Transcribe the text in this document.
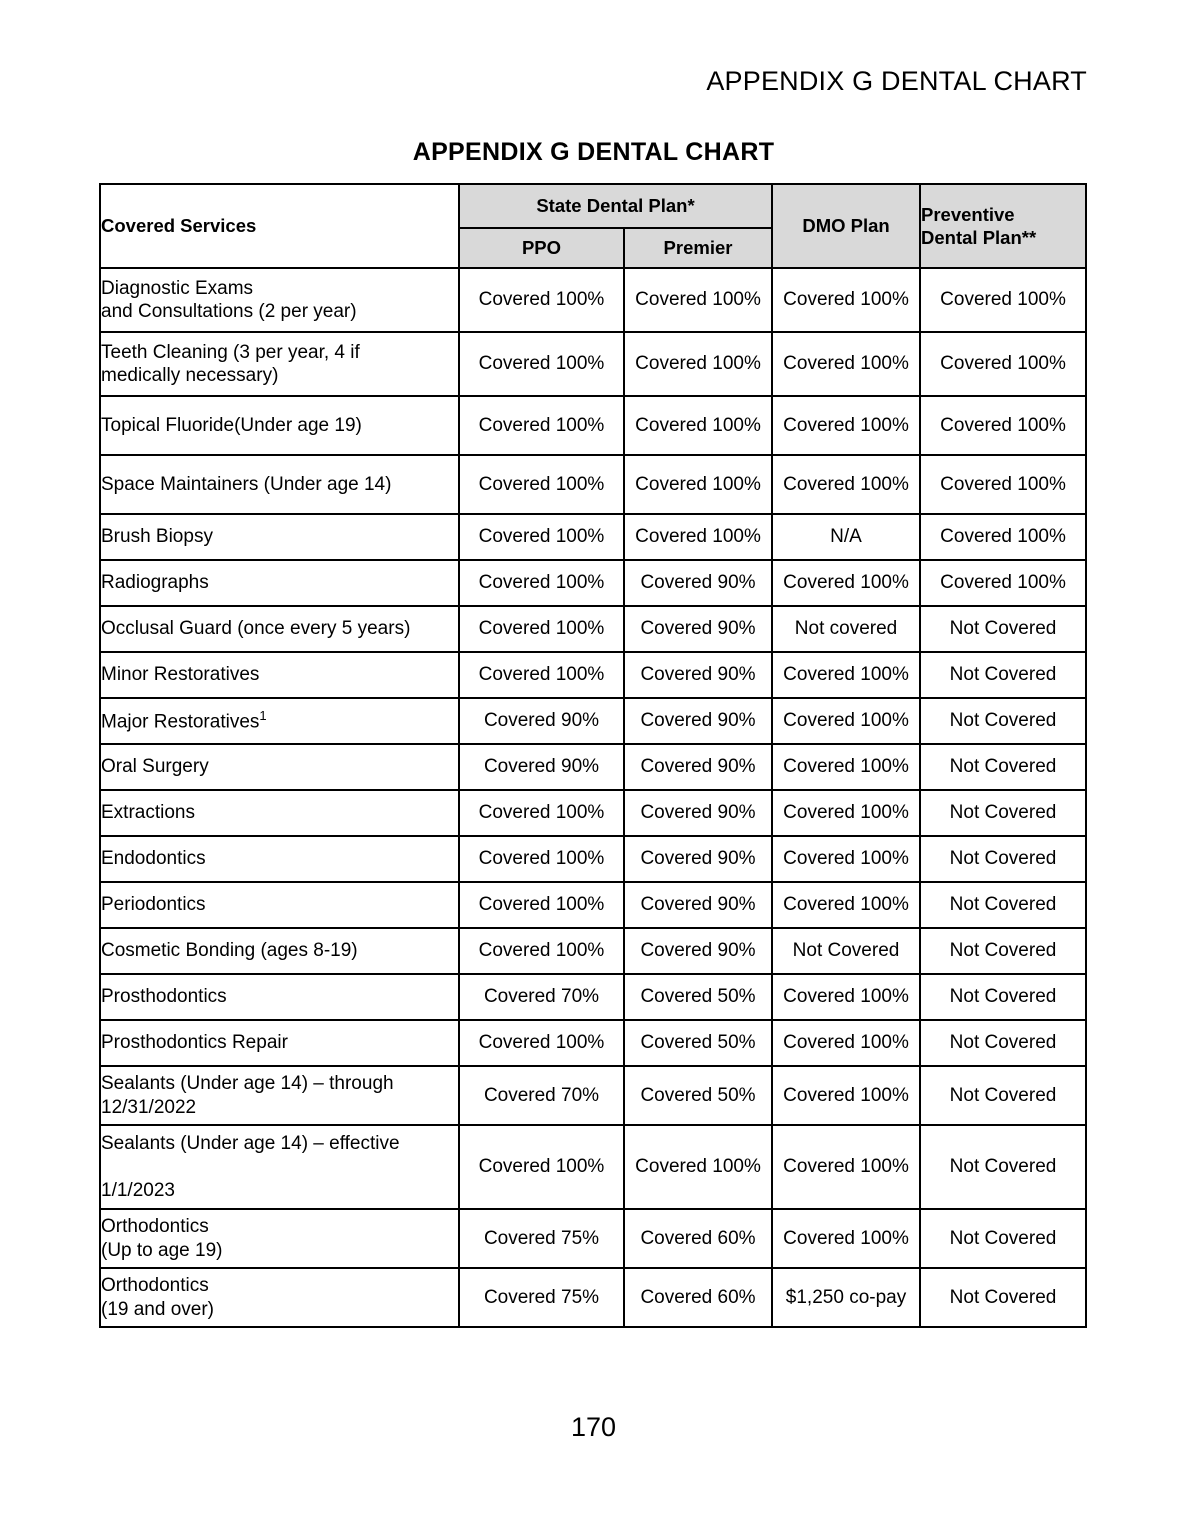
APPENDIX G DENTAL CHART
APPENDIX G DENTAL CHART
Covered Services	State Dental Plan*		DMO Plan	Preventive
Dental Plan**
	PPO	Premier		
Diagnostic Exams
and Consultations (2 per year)	Covered 100%	Covered 100%	Covered 100%	Covered 100%
Teeth Cleaning (3 per year, 4 if
medically necessary)	Covered 100%	Covered 100%	Covered 100%	Covered 100%
Topical Fluoride(Under age 19)	Covered 100%	Covered 100%	Covered 100%	Covered 100%
Space Maintainers (Under age 14)	Covered 100%	Covered 100%	Covered 100%	Covered 100%
Brush Biopsy	Covered 100%	Covered 100%	N/A	Covered 100%
Radiographs	Covered 100%	Covered 90%	Covered 100%	Covered 100%
Occlusal Guard (once every 5 years)	Covered 100%	Covered 90%	Not covered	Not Covered
Minor Restoratives	Covered 100%	Covered 90%	Covered 100%	Not Covered
Major Restoratives$^1$	Covered 90%	Covered 90%	Covered 100%	Not Covered
Oral Surgery	Covered 90%	Covered 90%	Covered 100%	Not Covered
Extractions	Covered 100%	Covered 90%	Covered 100%	Not Covered
Endodontics	Covered 100%	Covered 90%	Covered 100%	Not Covered
Periodontics	Covered 100%	Covered 90%	Covered 100%	Not Covered
Cosmetic Bonding (ages 8-19)	Covered 100%	Covered 90%	Not Covered	Not Covered
Prosthodontics	Covered 70%	Covered 50%	Covered 100%	Not Covered
Prosthodontics Repair	Covered 100%	Covered 50%	Covered 100%	Not Covered
Sealants (Under age 14) – through
12/31/2022	Covered 70%	Covered 50%	Covered 100%	Not Covered
Sealants (Under age 14) – effective

1/1/2023	Covered 100%	Covered 100%	Covered 100%	Not Covered
Orthodontics
(Up to age 19)	Covered 75%	Covered 60%	Covered 100%	Not Covered
Orthodontics
(19 and over)	Covered 75%	Covered 60%	$1,250 co-pay	Not Covered
170
